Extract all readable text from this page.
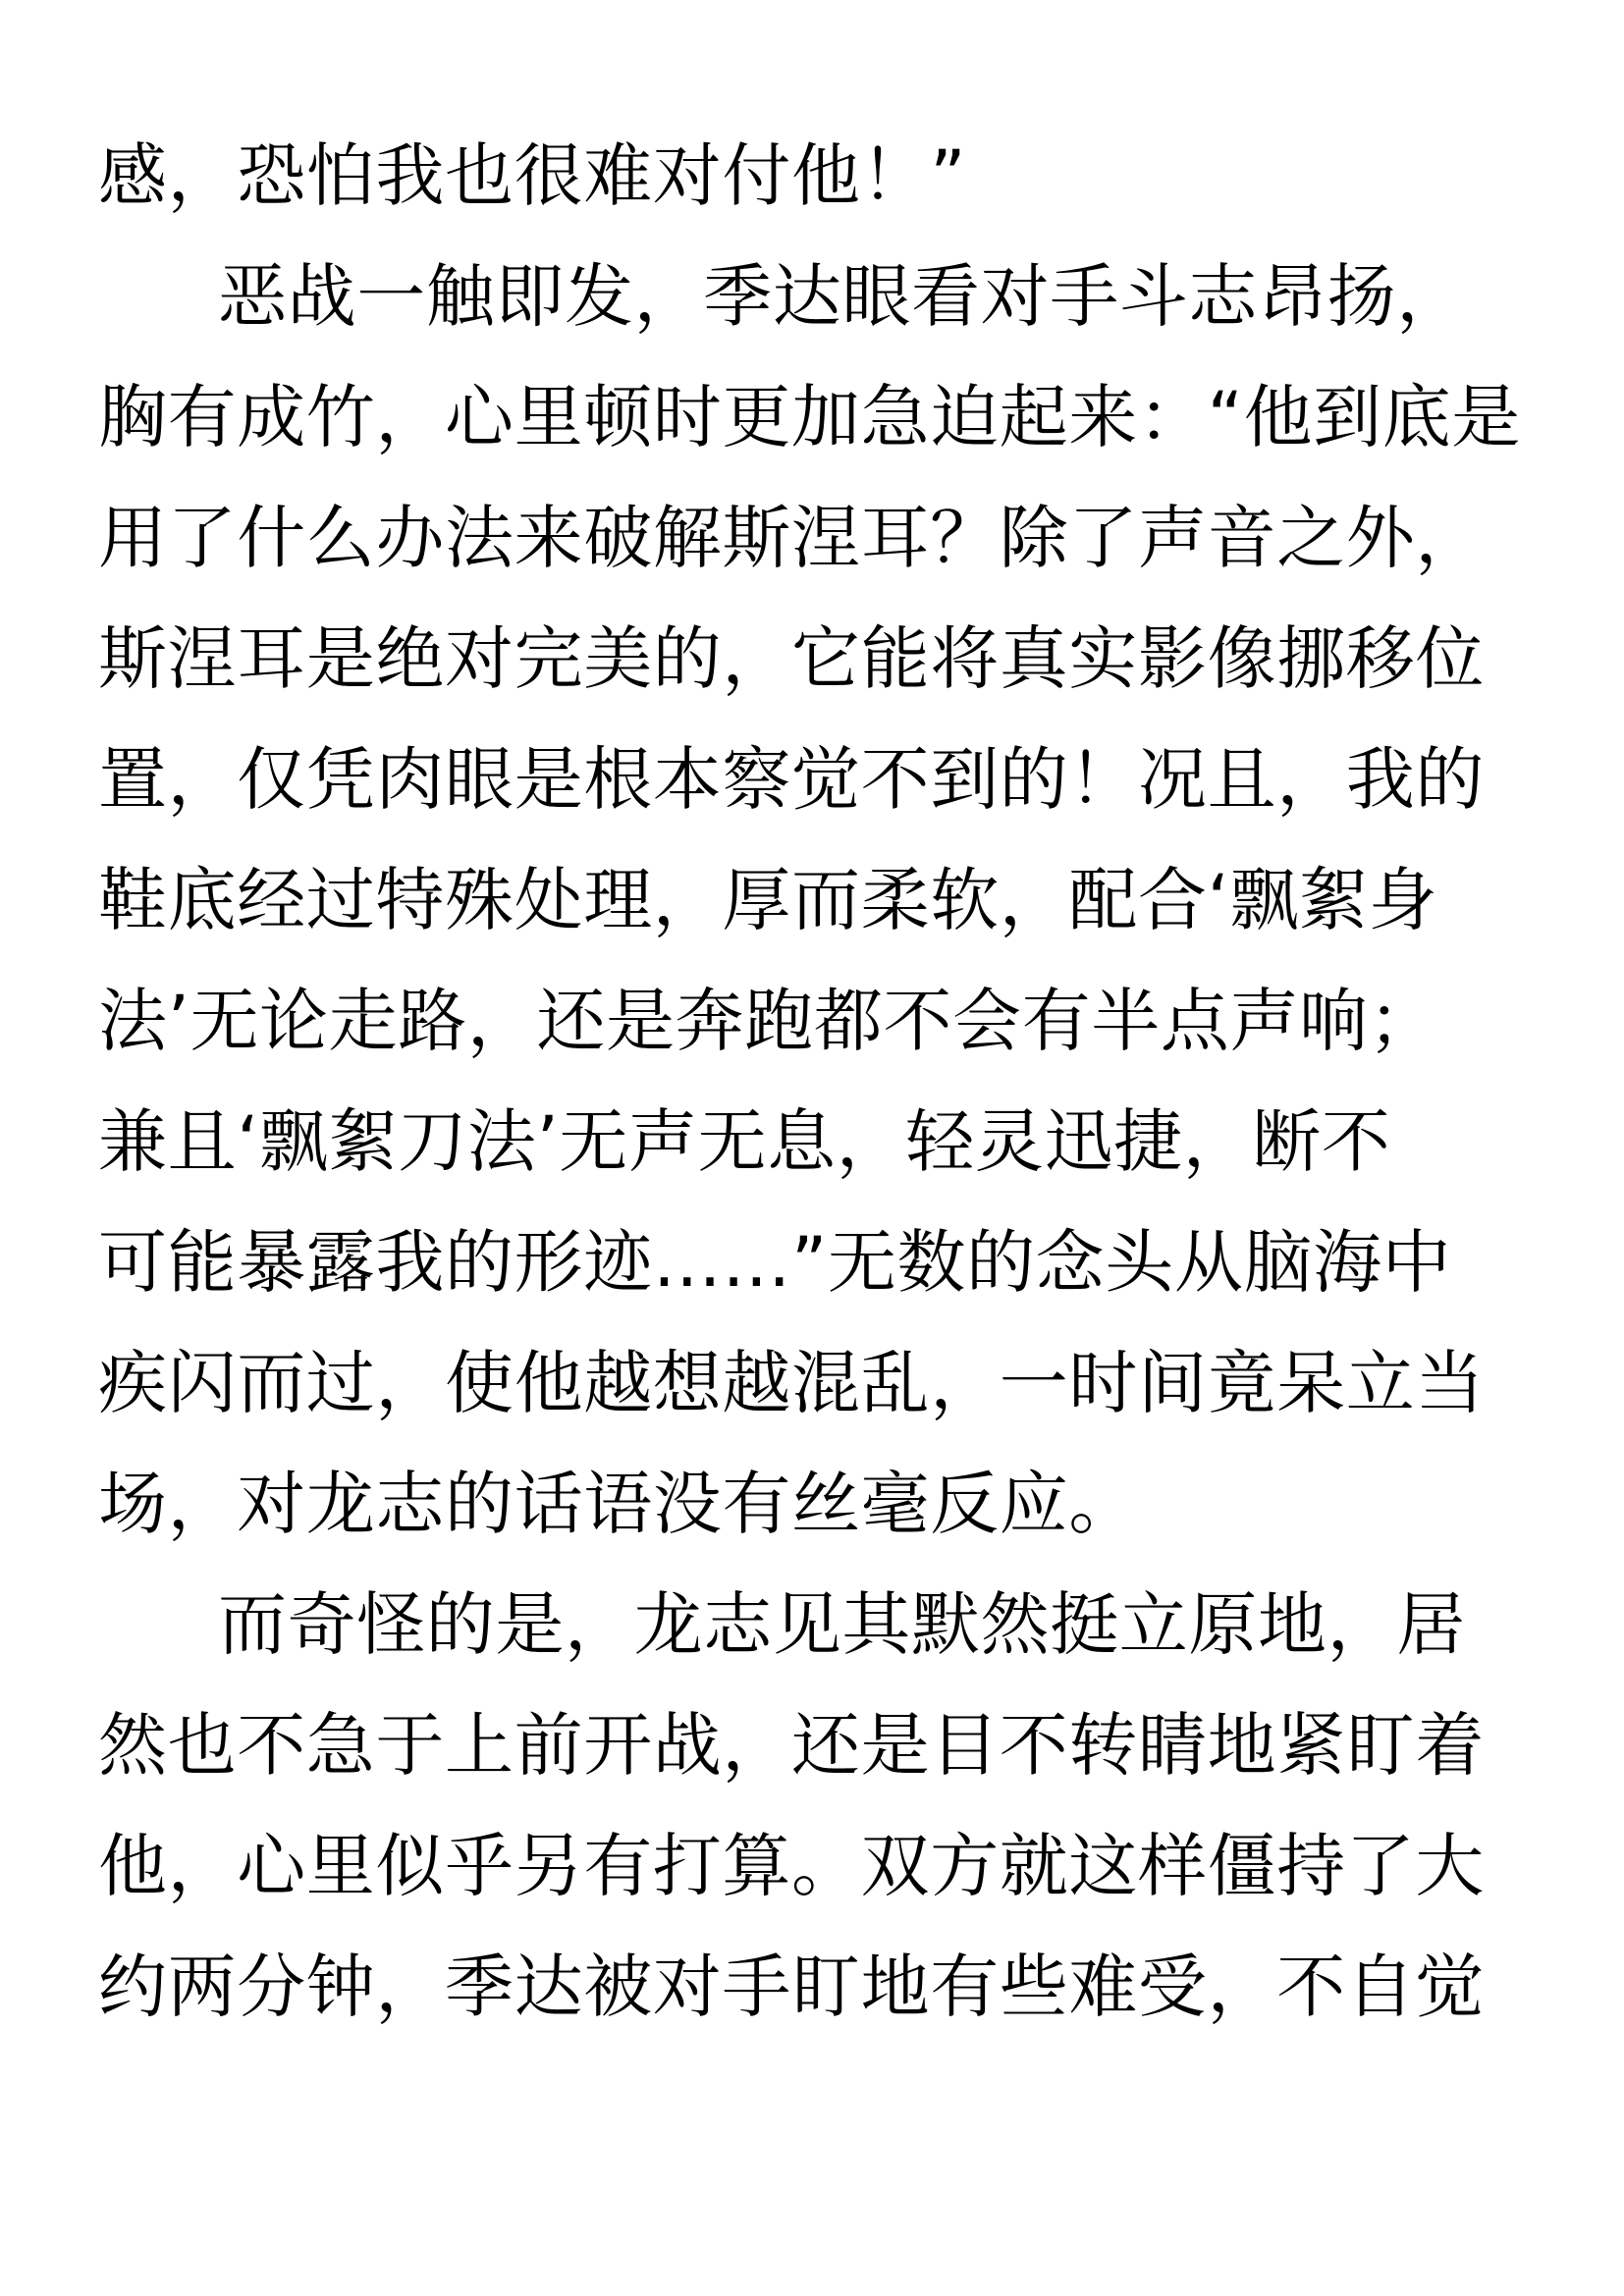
感，恐怕我也很难对付他！”
恶战一触即发，季达眼看对手斗志昂扬，
胸有成竹，心里顿时更加急迫起来：“他到底是
用了什么办法来破解斯涅耳？除了声音之外，
斯涅耳是绝对完美的，它能将真实影像挪移位
置，仅凭肉眼是根本察觉不到的！况且，我的
鞋底经过特殊处理，厚而柔软，配合‘飘絮身
法’无论走路，还是奔跑都不会有半点声响；
兼且‘飘絮刀法’无声无息，轻灵迅捷，断不
可能暴露我的形迹……”无数的念头从脑海中
疾闪而过，使他越想越混乱，一时间竟呆立当
场，对龙志的话语没有丝毫反应。
而奇怪的是，龙志见其默然挺立原地，居
然也不急于上前开战，还是目不转睛地紧盯着
他，心里似乎另有打算。双方就这样僵持了大
约两分钟，季达被对手盯地有些难受，不自觉
